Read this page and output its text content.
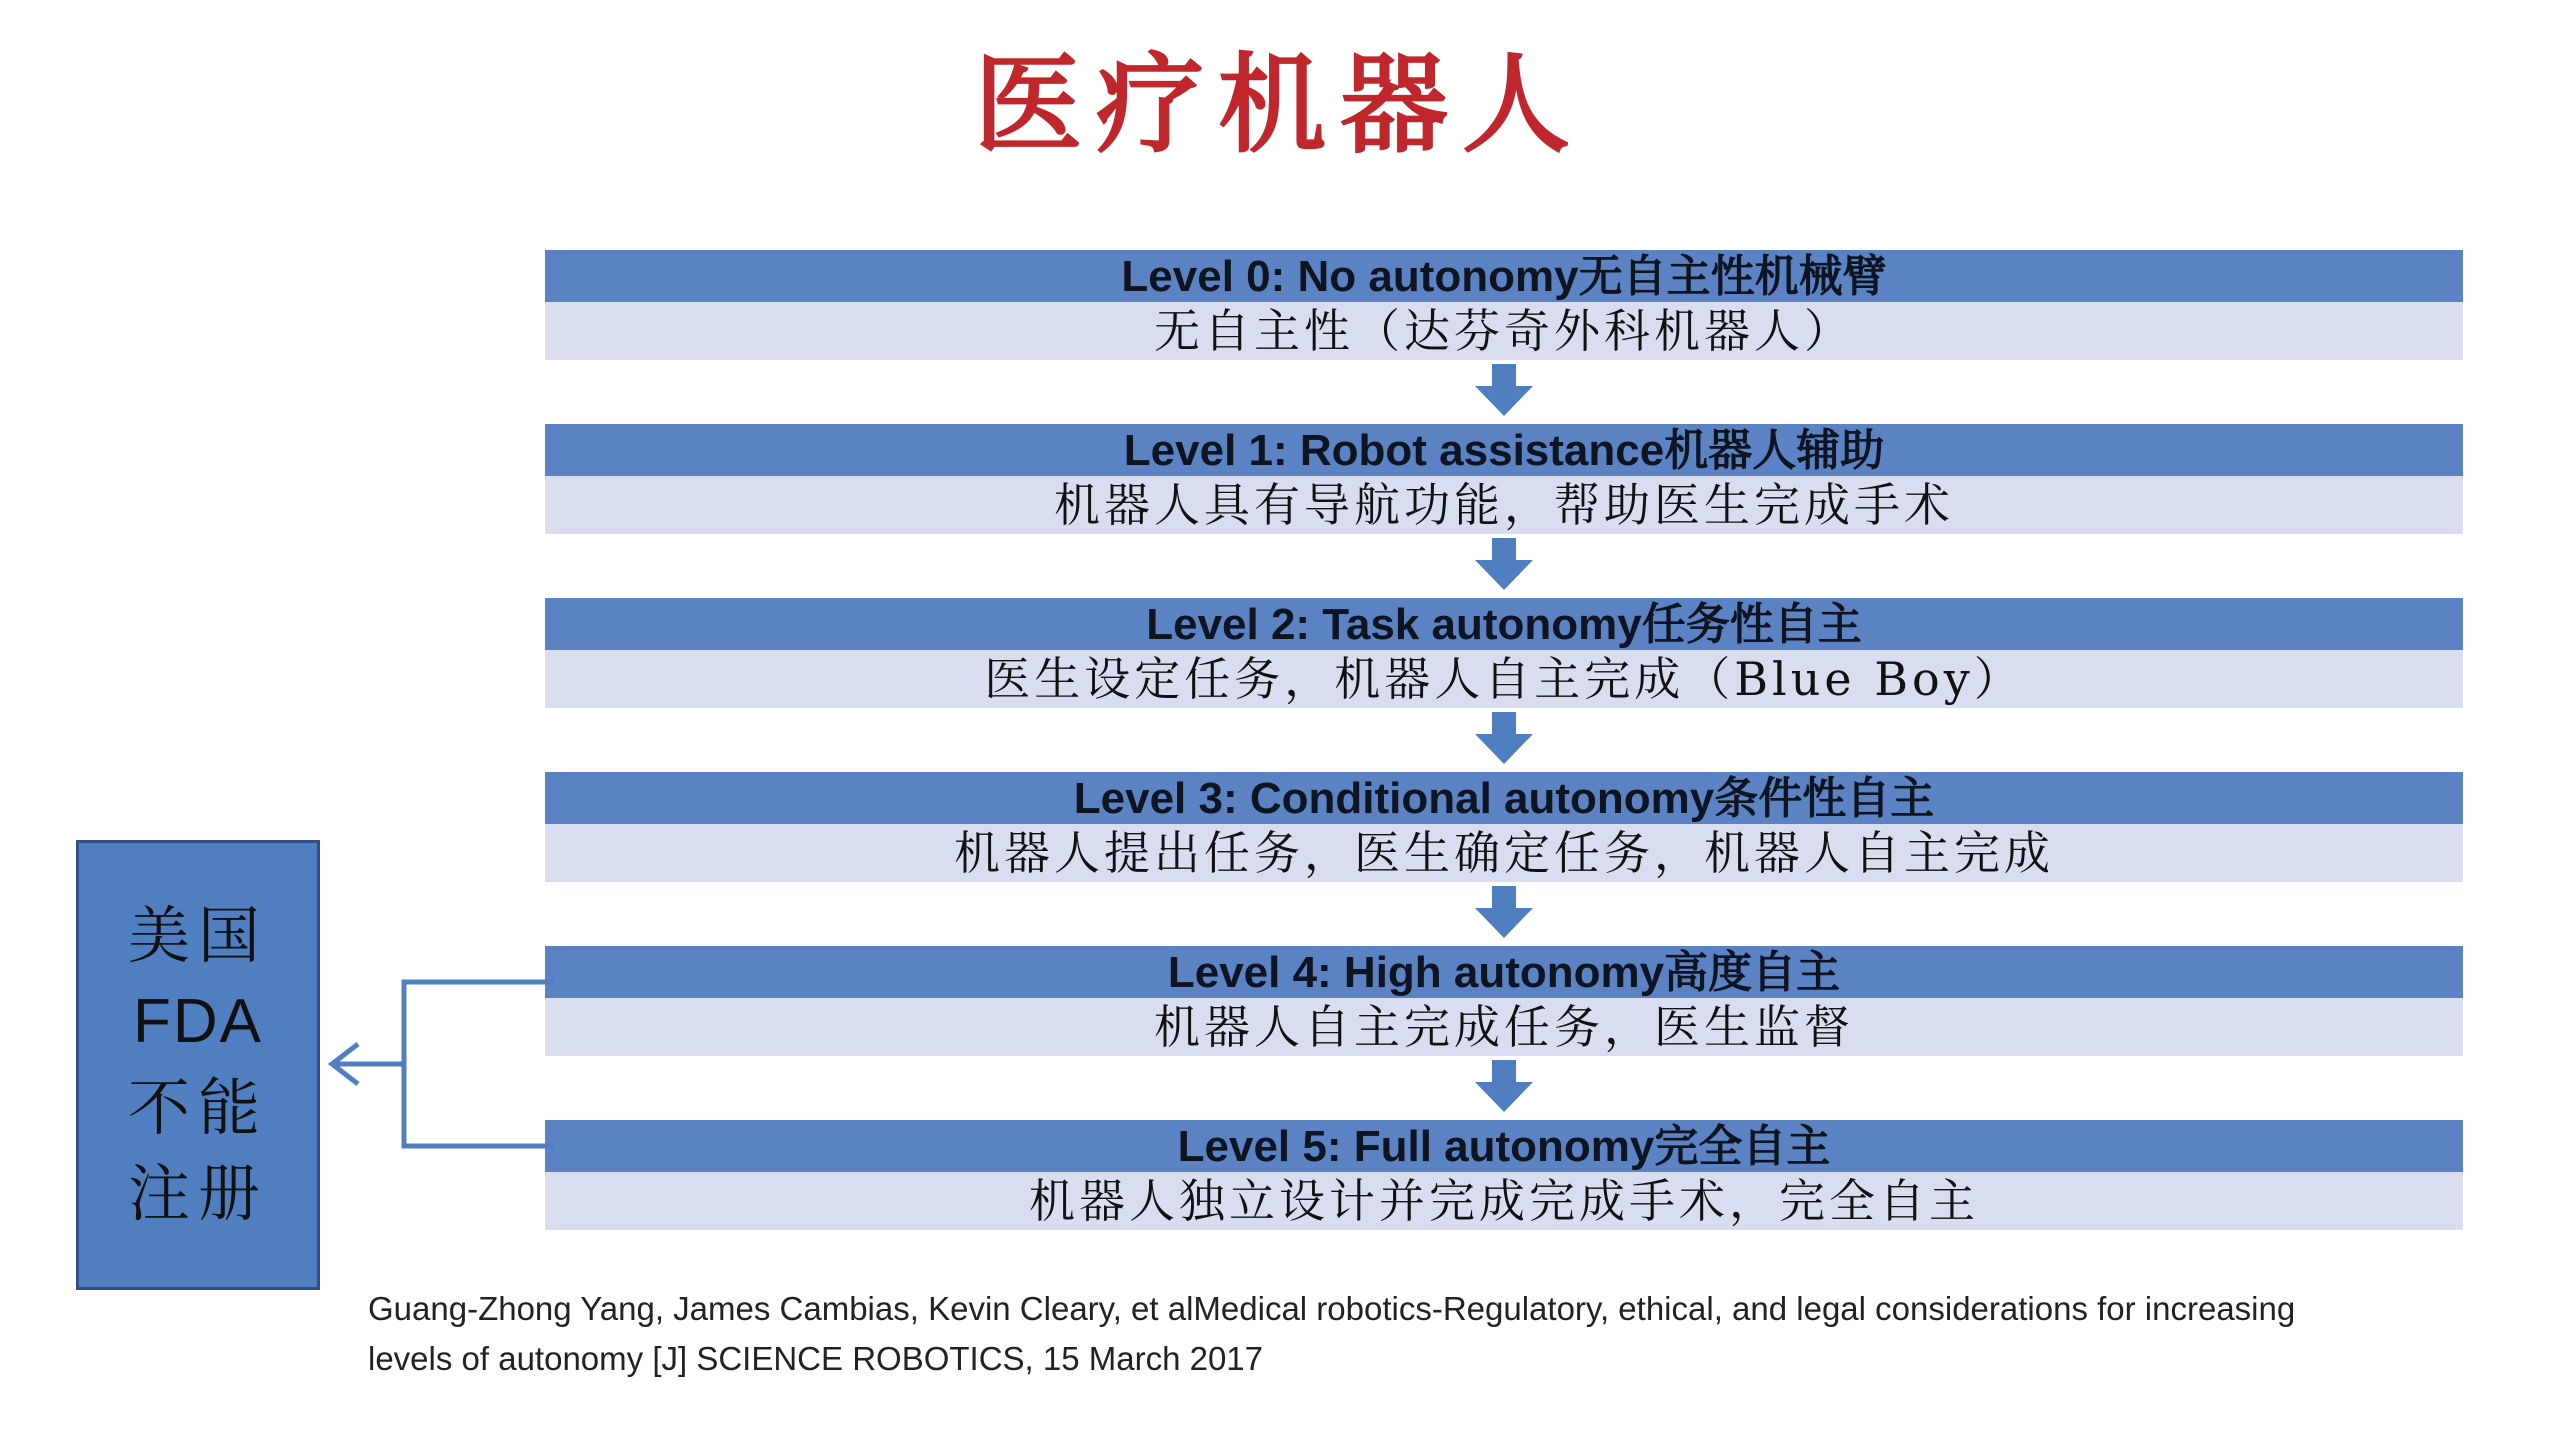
医疗机器人
Level 0: No autonomy无自主性机械臂
无自主性（达芬奇外科机器人）
Level 1: Robot assistance机器人辅助
机器人具有导航功能，帮助医生完成手术
Level 2: Task autonomy任务性自主
医生设定任务，机器人自主完成（Blue Boy）
Level 3: Conditional autonomy条件性自主
机器人提出任务，医生确定任务，机器人自主完成
Level 4: High autonomy高度自主
机器人自主完成任务，医生监督
Level 5: Full autonomy完全自主
机器人独立设计并完成完成手术，完全自主
美国
FDA
不能
注册
Guang-Zhong Yang, James Cambias, Kevin Cleary, et alMedical robotics-Regulatory, ethical, and legal considerations for increasing
levels of autonomy [J] SCIENCE ROBOTICS, 15 March 2017
